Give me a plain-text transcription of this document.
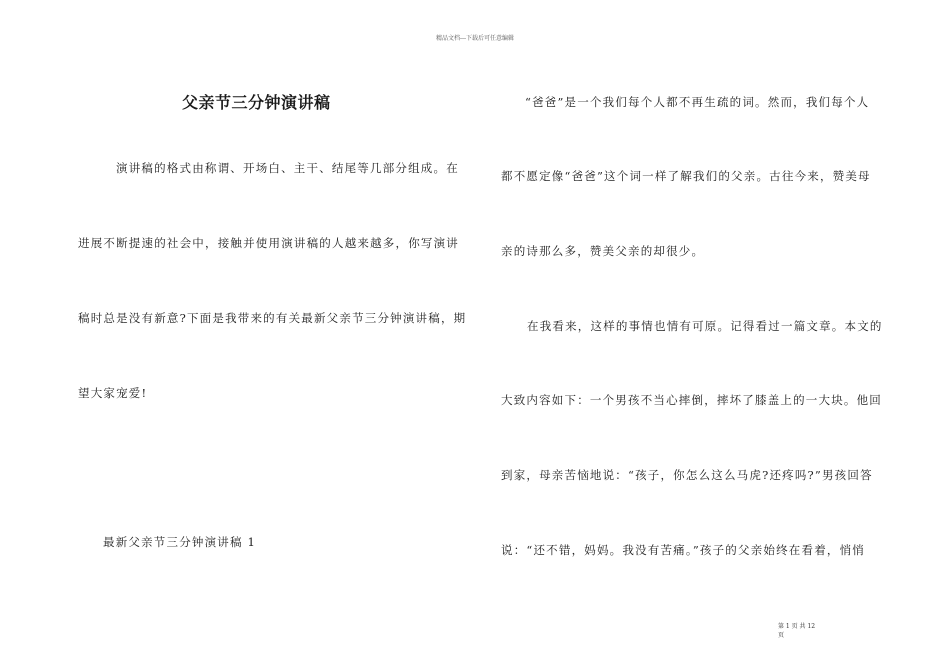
精品文档---下载后可任意编辑
父亲节三分钟演讲稿
演讲稿的格式由称谓、开场白、主干、结尾等几部分组成。在
进展不断提速的社会中，接触并使用演讲稿的人越来越多，你写演讲
稿时总是没有新意?下面是我带来的有关最新父亲节三分钟演讲稿，期
望大家宠爱!
最新父亲节三分钟演讲稿 1
“爸爸”是一个我们每个人都不再生疏的词。然而，我们每个人
都不愿定像“爸爸”这个词一样了解我们的父亲。古往今来，赞美母
亲的诗那么多，赞美父亲的却很少。
在我看来，这样的事情也情有可原。记得看过一篇文章。本文的
大致内容如下：一个男孩不当心摔倒，摔坏了膝盖上的一大块。他回
到家，母亲苦恼地说：“孩子，你怎么这么马虎?还疼吗?”男孩回答
说：“还不错，妈妈。我没有苦痛。”孩子的父亲始终在看着，悄悄
第 1 页 共 12
页
